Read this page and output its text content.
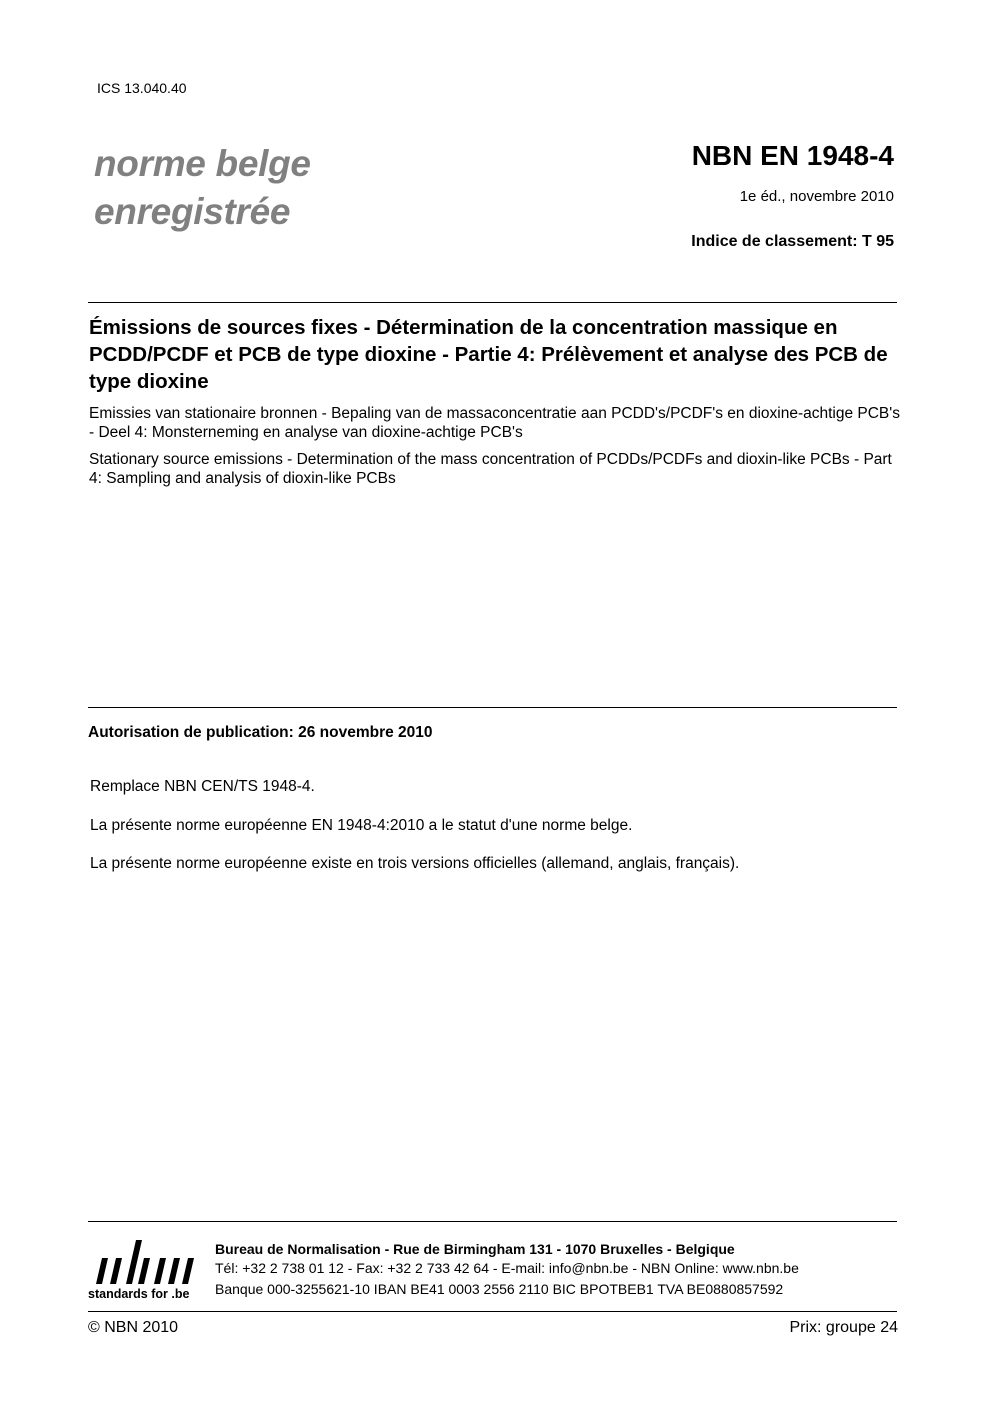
ICS 13.040.40
norme belge
enregistrée
NBN EN 1948-4
1e éd., novembre 2010
Indice de classement: T 95
Émissions de sources fixes - Détermination de la concentration massique en PCDD/PCDF et PCB de type dioxine - Partie 4: Prélèvement et analyse des PCB de type dioxine
Emissies van stationaire bronnen - Bepaling van de massaconcentratie aan PCDD's/PCDF's en dioxine-achtige PCB's - Deel 4: Monsterneming en analyse van dioxine-achtige PCB's
Stationary source emissions - Determination of the mass concentration of PCDDs/PCDFs and dioxin-like PCBs - Part 4: Sampling and analysis of dioxin-like PCBs
Autorisation de publication: 26 novembre 2010
Remplace NBN CEN/TS 1948-4.
La présente norme européenne EN 1948-4:2010 a le statut d'une norme belge.
La présente norme européenne existe en trois versions officielles (allemand, anglais, français).
standards for .be
Bureau de Normalisation - Rue de Birmingham 131 - 1070 Bruxelles - Belgique
Tél: +32 2 738 01 12 - Fax: +32 2 733 42 64 - E-mail: info@nbn.be - NBN Online: www.nbn.be
Banque 000-3255621-10 IBAN BE41 0003 2556 2110 BIC BPOTBEB1 TVA BE0880857592
© NBN 2010	Prix: groupe 24
